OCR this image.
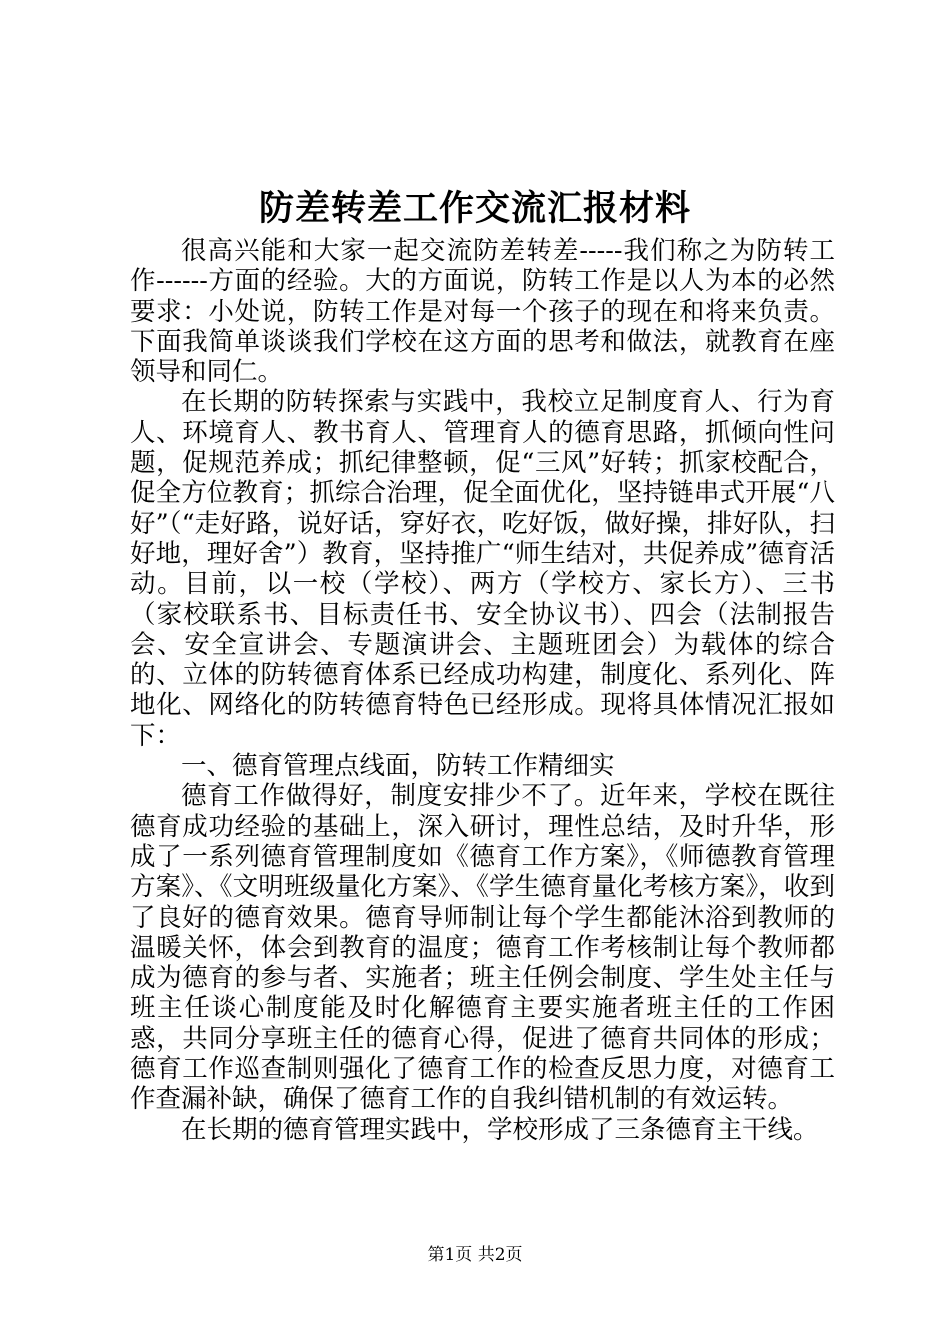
防差转差工作交流汇报材料

很高兴能和大家一起交流防差转差-----我们称之为防转工作------方面的经验。大的方面说，防转工作是以人为本的必然要求：小处说，防转工作是对每一个孩子的现在和将来负责。下面我简单谈谈我们学校在这方面的思考和做法，就教育在座领导和同仁。

在长期的防转探索与实践中，我校立足制度育人、行为育人、环境育人、教书育人、管理育人的德育思路，抓倾向性问题，促规范养成；抓纪律整顿，促“三风”好转；抓家校配合，促全方位教育；抓综合治理，促全面优化，坚持链串式开展“八好”（“走好路，说好话，穿好衣，吃好饭，做好操，排好队，扫好地，理好舍”）教育，坚持推广“师生结对，共促养成”德育活动。目前，以一校（学校）、两方（学校方、家长方）、三书（家校联系书、目标责任书、安全协议书）、四会（法制报告会、安全宣讲会、专题演讲会、主题班团会）为载体的综合的、立体的防转德育体系已经成功构建，制度化、系列化、阵地化、网络化的防转德育特色已经形成。现将具体情况汇报如下：

一、德育管理点线面，防转工作精细实

德育工作做得好，制度安排少不了。近年来，学校在既往德育成功经验的基础上，深入研讨，理性总结，及时升华，形成了一系列德育管理制度如《德育工作方案》，《师德教育管理方案》、《文明班级量化方案》、《学生德育量化考核方案》，收到了良好的德育效果。德育导师制让每个学生都能沐浴到教师的温暖关怀，体会到教育的温度；德育工作考核制让每个教师都成为德育的参与者、实施者；班主任例会制度、学生处主任与班主任谈心制度能及时化解德育主要实施者班主任的工作困惑，共同分享班主任的德育心得，促进了德育共同体的形成；德育工作巡查制则强化了德育工作的检查反思力度，对德育工作查漏补缺，确保了德育工作的自我纠错机制的有效运转。

在长期的德育管理实践中，学校形成了三条德育主干线。

第1页 共2页
